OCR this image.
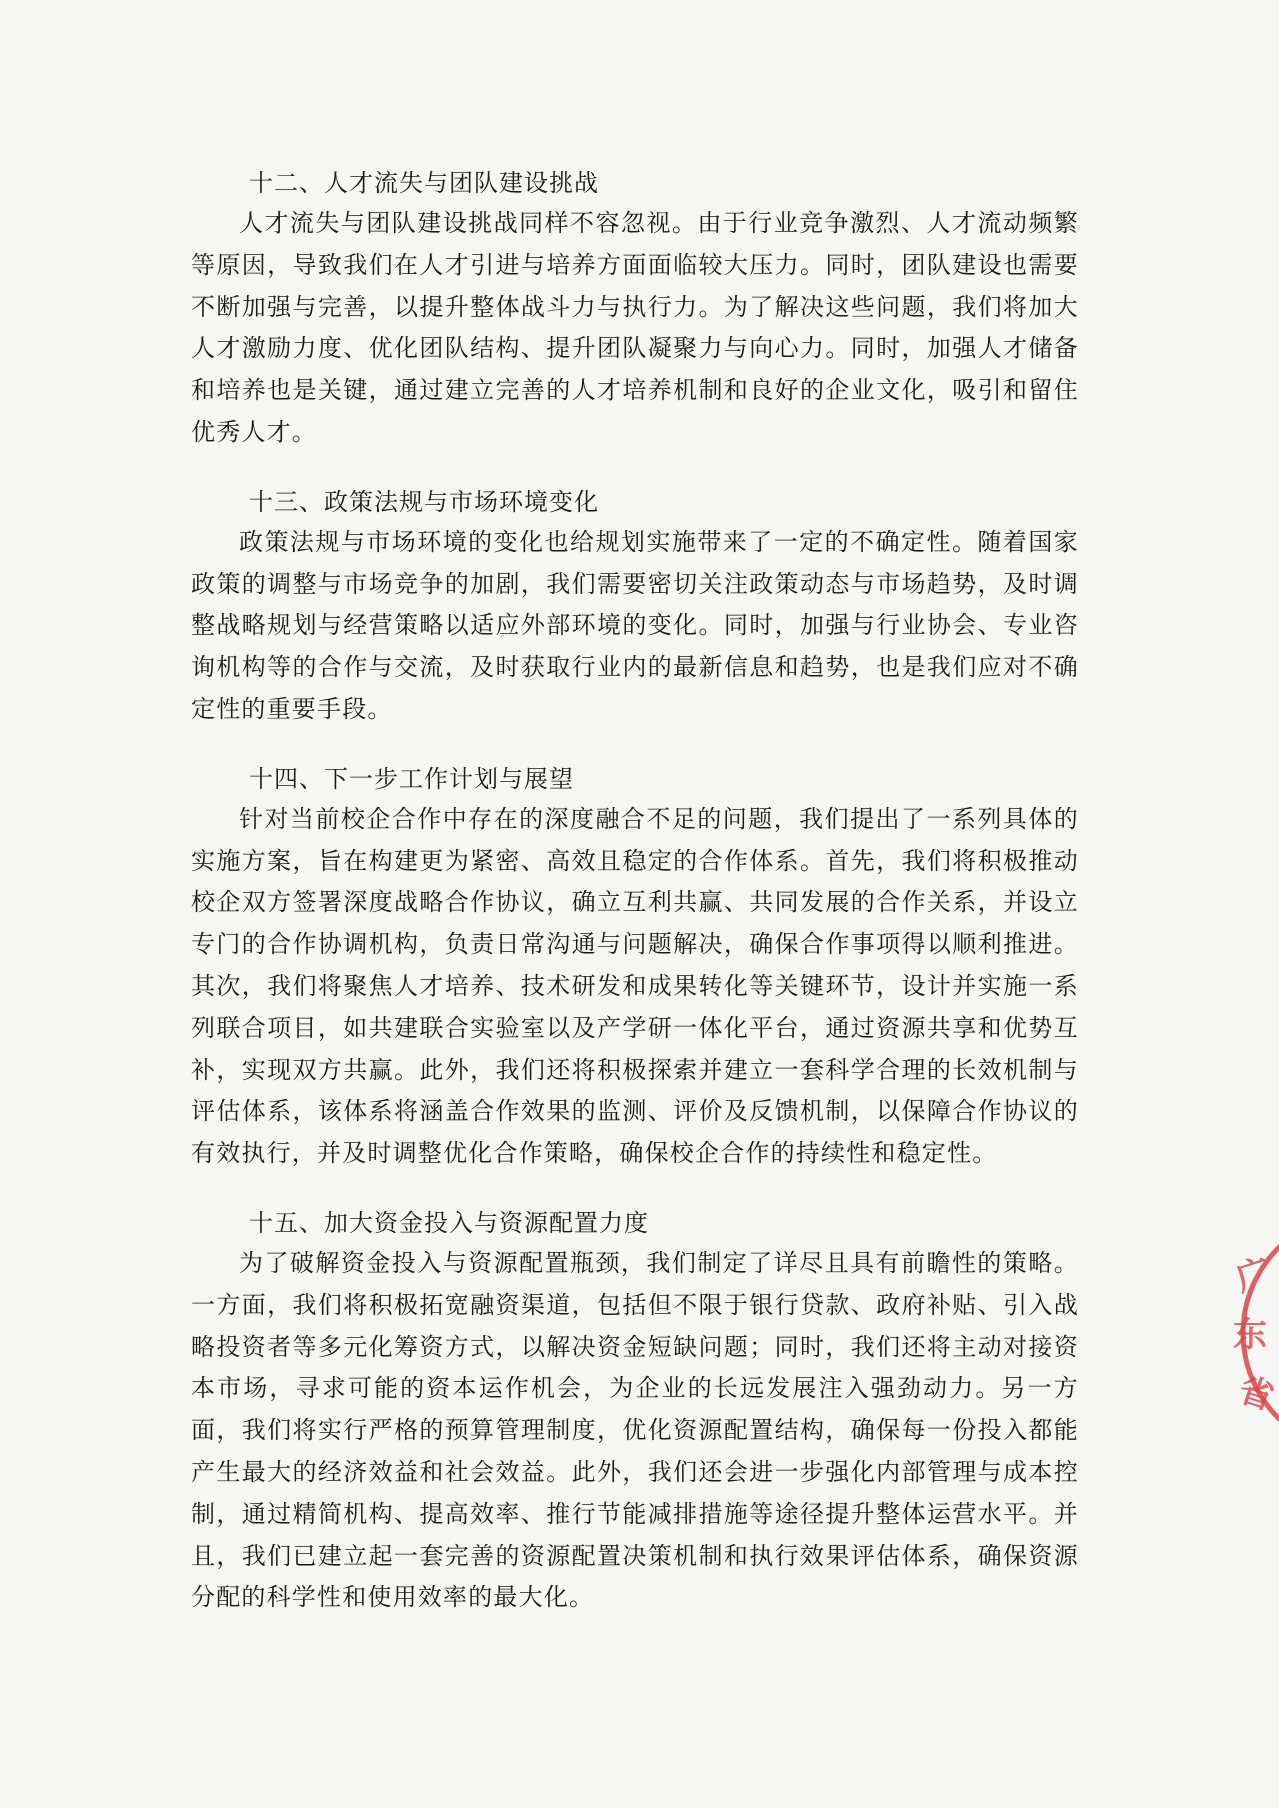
十二、人才流失与团队建设挑战

人才流失与团队建设挑战同样不容忽视。由于行业竞争激烈、人才流动频繁等原因，导致我们在人才引进与培养方面面临较大压力。同时，团队建设也需要不断加强与完善，以提升整体战斗力与执行力。为了解决这些问题，我们将加大人才激励力度、优化团队结构、提升团队凝聚力与向心力。同时，加强人才储备和培养也是关键，通过建立完善的人才培养机制和良好的企业文化，吸引和留住优秀人才。

十三、政策法规与市场环境变化

政策法规与市场环境的变化也给规划实施带来了一定的不确定性。随着国家政策的调整与市场竞争的加剧，我们需要密切关注政策动态与市场趋势，及时调整战略规划与经营策略以适应外部环境的变化。同时，加强与行业协会、专业咨询机构等的合作与交流，及时获取行业内的最新信息和趋势，也是我们应对不确定性的重要手段。

十四、下一步工作计划与展望

针对当前校企合作中存在的深度融合不足的问题，我们提出了一系列具体的实施方案，旨在构建更为紧密、高效且稳定的合作体系。首先，我们将积极推动校企双方签署深度战略合作协议，确立互利共赢、共同发展的合作关系，并设立专门的合作协调机构，负责日常沟通与问题解决，确保合作事项得以顺利推进。其次，我们将聚焦人才培养、技术研发和成果转化等关键环节，设计并实施一系列联合项目，如共建联合实验室以及产学研一体化平台，通过资源共享和优势互补，实现双方共赢。此外，我们还将积极探索并建立一套科学合理的长效机制与评估体系，该体系将涵盖合作效果的监测、评价及反馈机制，以保障合作协议的有效执行，并及时调整优化合作策略，确保校企合作的持续性和稳定性。

十五、加大资金投入与资源配置力度

为了破解资金投入与资源配置瓶颈，我们制定了详尽且具有前瞻性的策略。一方面，我们将积极拓宽融资渠道，包括但不限于银行贷款、政府补贴、引入战略投资者等多元化筹资方式，以解决资金短缺问题；同时，我们还将主动对接资本市场，寻求可能的资本运作机会，为企业的长远发展注入强劲动力。另一方面，我们将实行严格的预算管理制度，优化资源配置结构，确保每一份投入都能产生最大的经济效益和社会效益。此外，我们还会进一步强化内部管理与成本控制，通过精简机构、提高效率、推行节能减排措施等途径提升整体运营水平。并且，我们已建立起一套完善的资源配置决策机制和执行效果评估体系，确保资源分配的科学性和使用效率的最大化。

广
东
省
